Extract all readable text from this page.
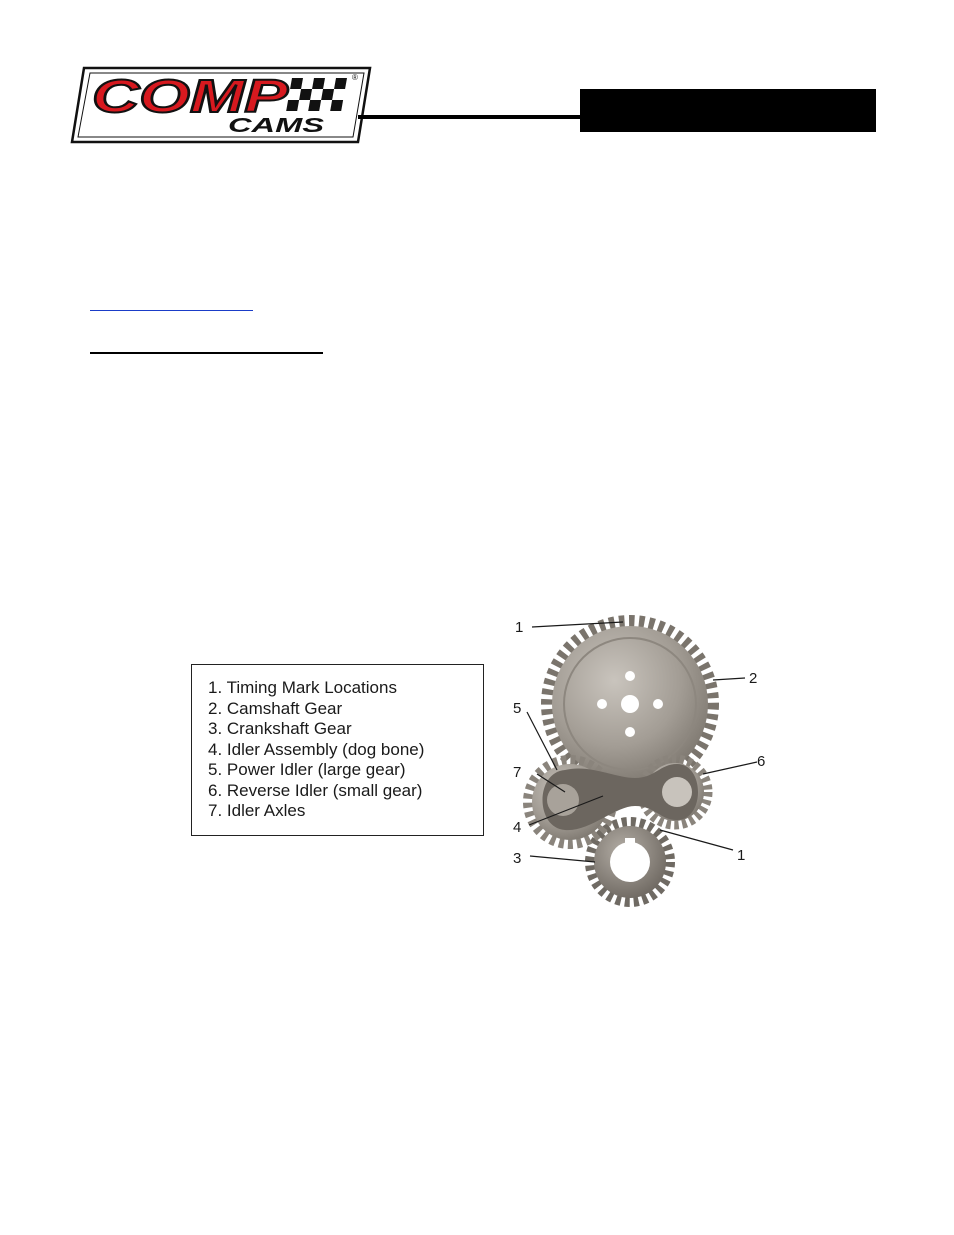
COMP
CAMS
®
1. Timing Mark Locations
2. Camshaft Gear
3. Crankshaft Gear
4. Idler Assembly (dog bone)
5. Power Idler (large gear)
6. Reverse Idler (small gear)
7. Idler Axles
1
2
5
7
6
4
1
3
